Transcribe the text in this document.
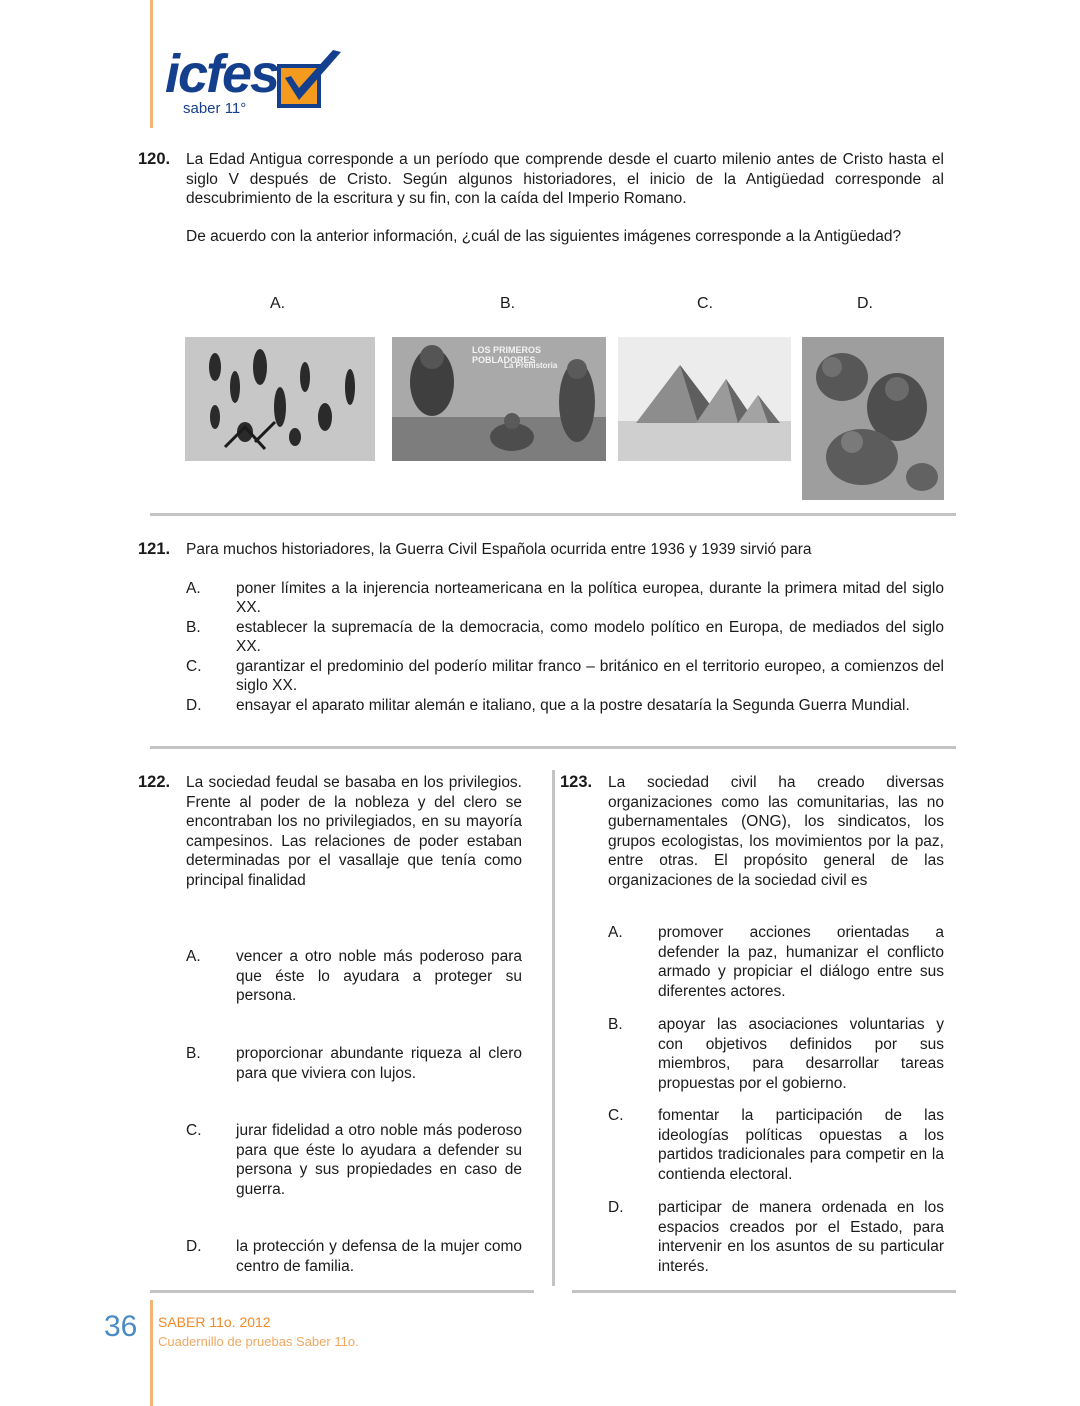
icfes
saber 11°
120. La Edad Antigua corresponde a un período que comprende desde el cuarto milenio antes de Cristo hasta el siglo V después de Cristo. Según algunos historiadores, el inicio de la Antigüedad corresponde al descubrimiento de la escritura y su fin, con la caída del Imperio Romano.
De acuerdo con la anterior información, ¿cuál de las siguientes imágenes corresponde a la Antigüedad?
A.	B.	C.	D.
LOS PRIMEROS POBLADORES
La Prehistoria
121. Para muchos historiadores, la Guerra Civil Española ocurrida entre 1936 y 1939 sirvió para
A. poner límites a la injerencia norteamericana en la política europea, durante la primera mitad del siglo XX.
B. establecer la supremacía de la democracia, como modelo político en Europa, de mediados del siglo XX.
C. garantizar el predominio del poderío militar franco – británico en el territorio europeo, a comienzos del siglo XX.
D. ensayar el aparato militar alemán e italiano, que a la postre desataría la Segunda Guerra Mundial.
122. La sociedad feudal se basaba en los privilegios. Frente al poder de la nobleza y del clero se encontraban los no privilegiados, en su mayoría campesinos. Las relaciones de poder estaban determinadas por el vasallaje que tenía como principal finalidad
A. vencer a otro noble más poderoso para que éste lo ayudara a proteger su persona.
B. proporcionar abundante riqueza al clero para que viviera con lujos.
C. jurar fidelidad a otro noble más poderoso para que éste lo ayudara a defender su persona y sus propiedades en caso de guerra.
D. la protección y defensa de la mujer como centro de familia.
123. La sociedad civil ha creado diversas organizaciones como las comunitarias, las no gubernamentales (ONG), los sindicatos, los grupos ecologistas, los movimientos por la paz, entre otras. El propósito general de las organizaciones de la sociedad civil es
A. promover acciones orientadas a defender la paz, humanizar el conflicto armado y propiciar el diálogo entre sus diferentes actores.
B. apoyar las asociaciones voluntarias y con objetivos definidos por sus miembros, para desarrollar tareas propuestas por el gobierno.
C. fomentar la participación de las ideologías políticas opuestas a los partidos tradicionales para competir en la contienda electoral.
D. participar de manera ordenada en los espacios creados por el Estado, para intervenir en los asuntos de su particular interés.
36 SABER 11o. 2012
Cuadernillo de pruebas Saber 11o.
